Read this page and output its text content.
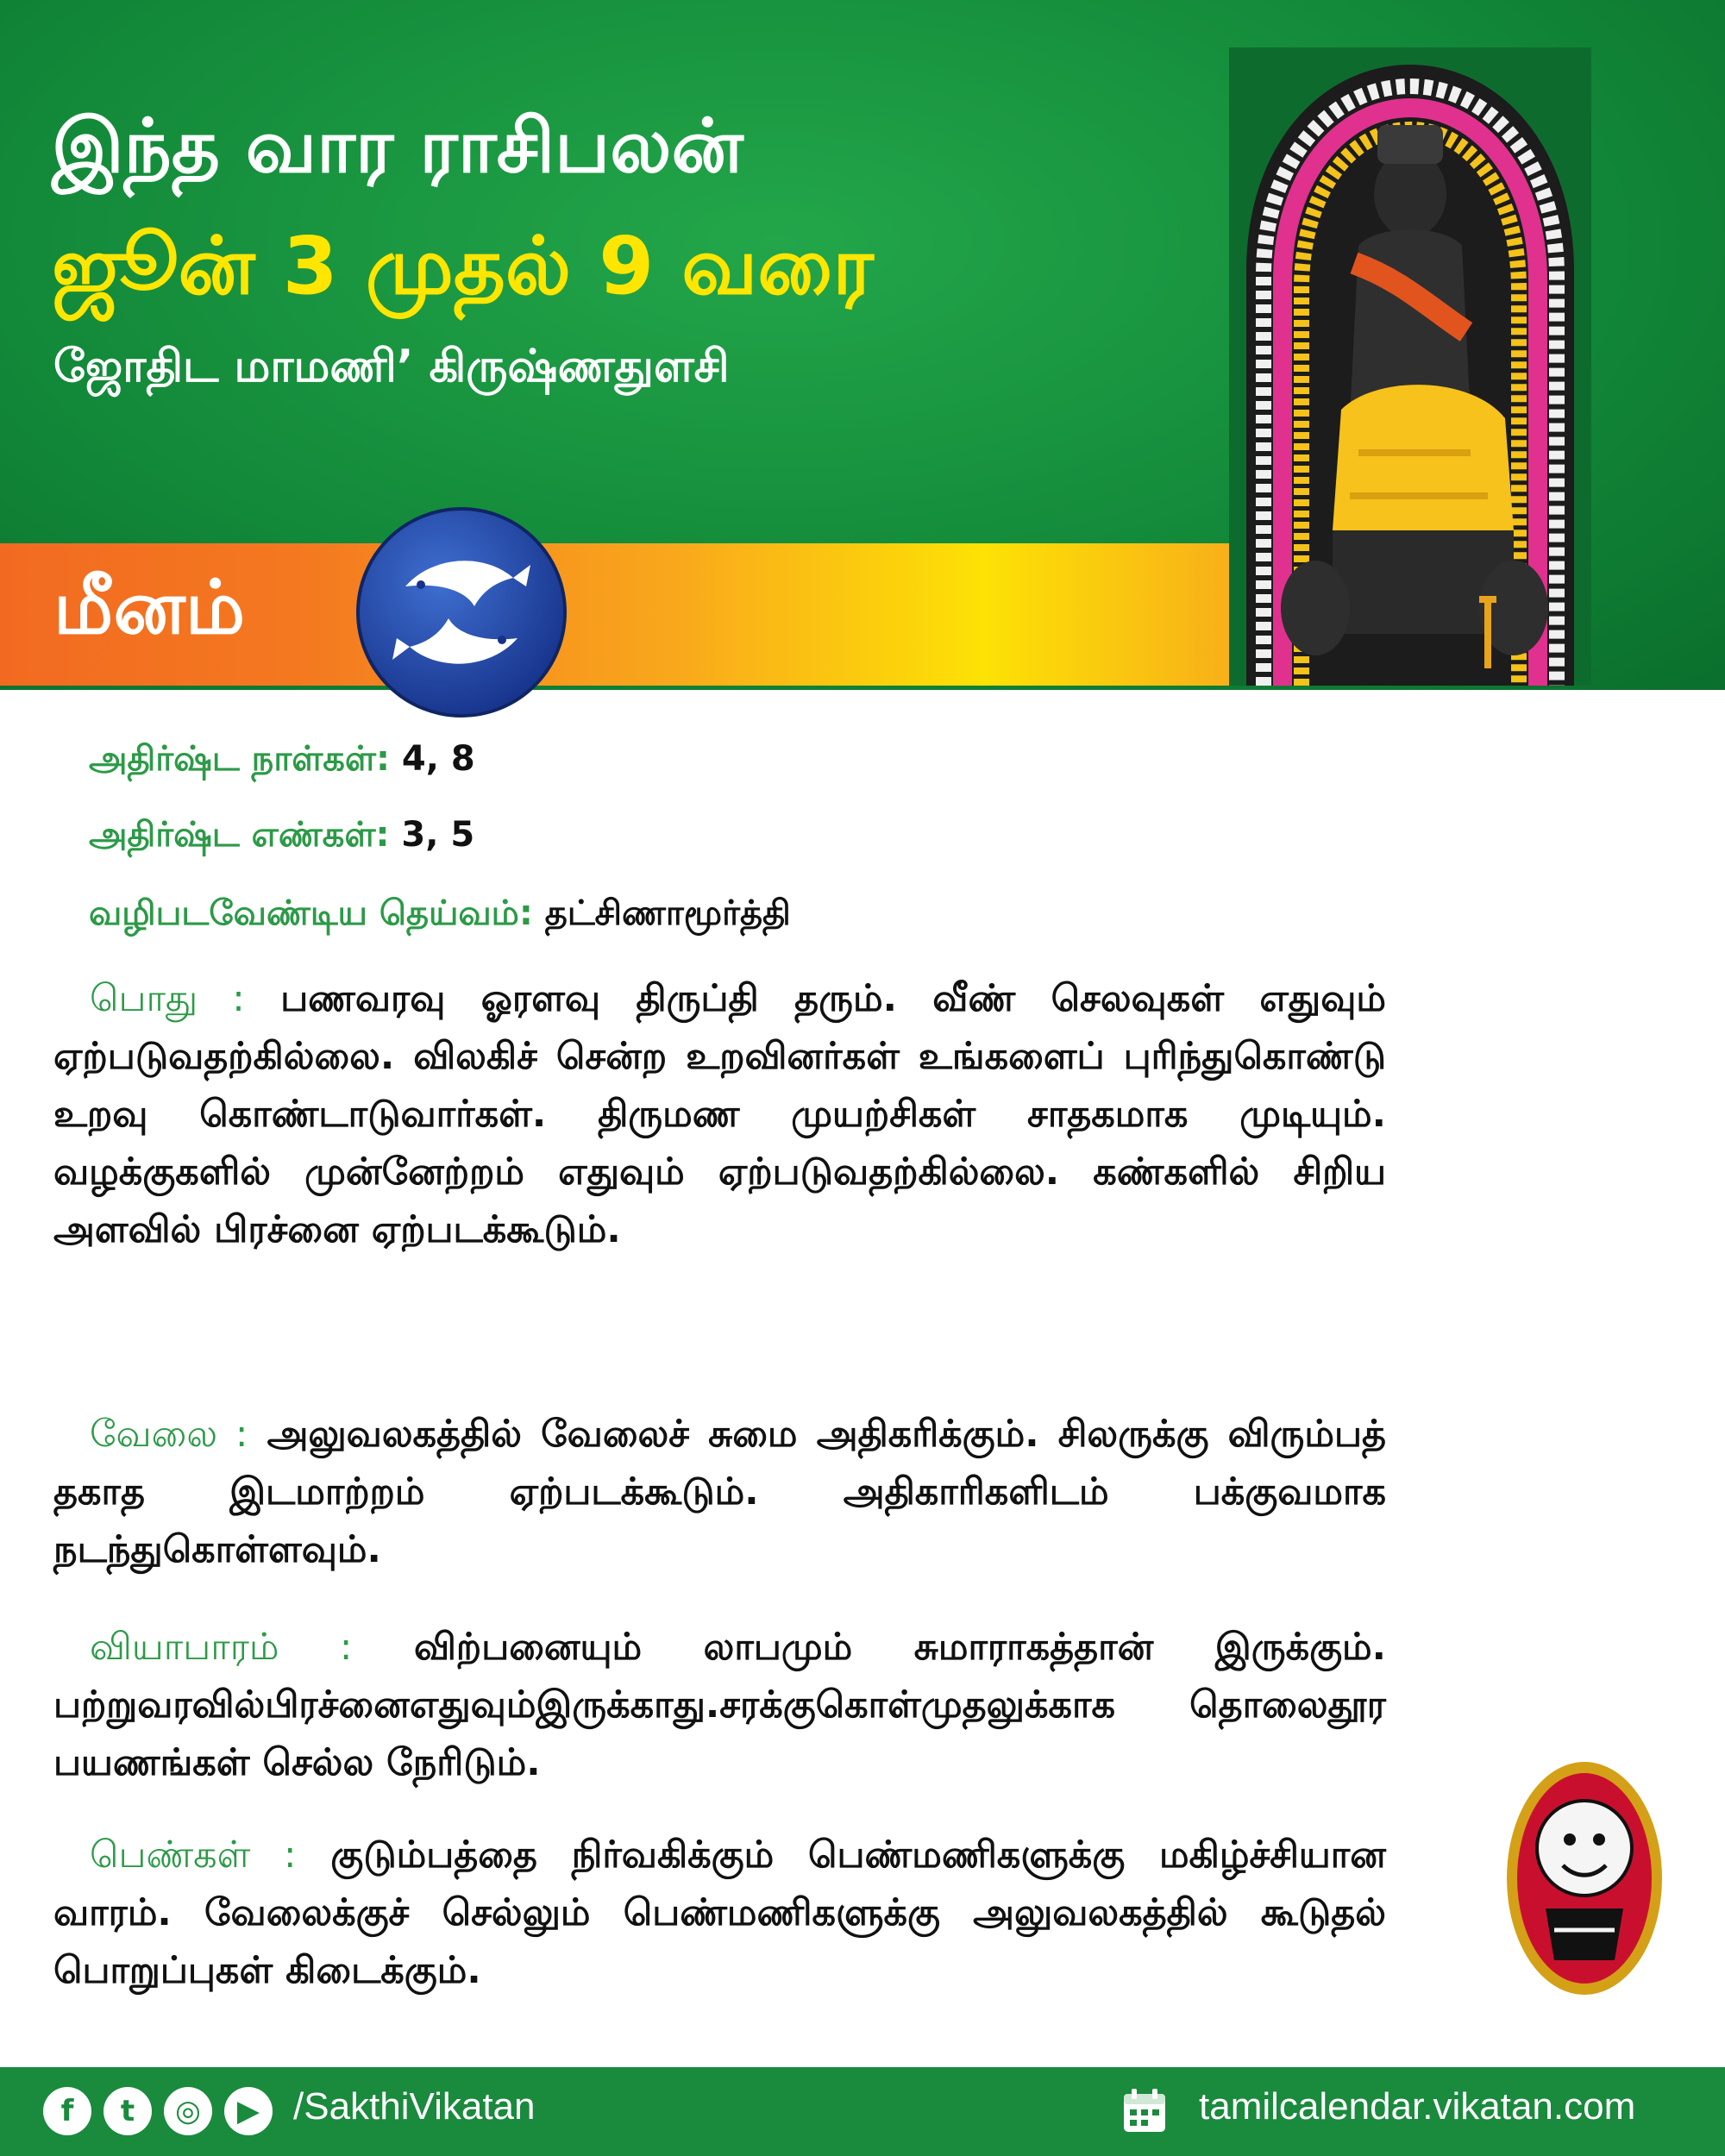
இந்த வார ராசிபலன்
ஜூன் 3 முதல் 9 வரை
ஜோதிட மாமணி’ கிருஷ்ணதுளசி
மீனம்
அதிர்ஷ்ட நாள்கள்: 4, 8
அதிர்ஷ்ட எண்கள்: 3, 5
வழிபடவேண்டிய தெய்வம்: தட்சிணாமூர்த்தி
பொது : பணவரவு ஓரளவு திருப்தி தரும். வீண் செலவுகள் எதுவும் ஏற்படுவதற்கில்லை. விலகிச் சென்ற உறவினர்கள் உங்களைப் புரிந்துகொண்டு உறவு கொண்டாடுவார்கள். திருமண முயற்சிகள் சாதகமாக முடியும். வழக்குகளில் முன்னேற்றம் எதுவும் ஏற்படுவதற்கில்லை. கண்களில் சிறிய அளவில் பிரச்னை ஏற்படக்கூடும்.
வேலை : அலுவலகத்தில் வேலைச் சுமை அதிகரிக்கும். சிலருக்கு விரும்பத் தகாத இடமாற்றம் ஏற்படக்கூடும். அதிகாரிகளிடம் பக்குவமாக நடந்துகொள்ளவும்.
வியாபாரம் : விற்பனையும் லாபமும் சுமாராகத்தான் இருக்கும். பற்றுவரவில்பிரச்னைஎதுவும்இருக்காது.சரக்குகொள்முதலுக்காக தொலைதூர பயணங்கள் செல்ல நேரிடும்.
பெண்கள் : குடும்பத்தை நிர்வகிக்கும் பெண்மணிகளுக்கு மகிழ்ச்சியான வாரம். வேலைக்குச் செல்லும் பெண்மணிகளுக்கு அலுவலகத்தில் கூடுதல் பொறுப்புகள் கிடைக்கும்.
f	t	◎	▶ /SakthiVikatan	tamilcalendar.vikatan.com
